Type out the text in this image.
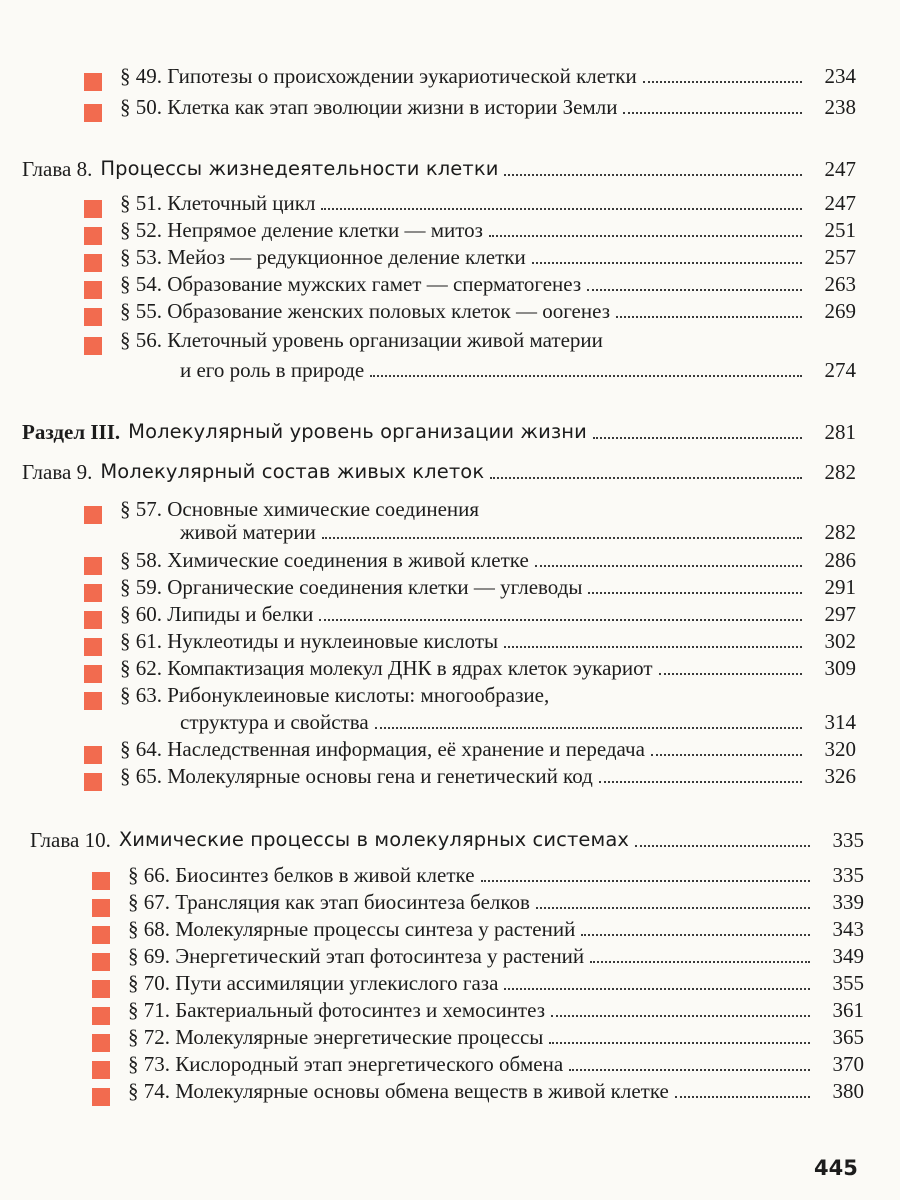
§ 49. Гипотезы о происхождении эукариотической клетки	234
§ 50. Клетка как этап эволюции жизни в истории Земли	238
Глава 8. Процессы жизнедеятельности клетки	247
§ 51. Клеточный цикл	247
§ 52. Непрямое деление клетки — митоз	251
§ 53. Мейоз — редукционное деление клетки	257
§ 54. Образование мужских гамет — сперматогенез	263
§ 55. Образование женских половых клеток — оогенез	269
§ 56. Клеточный уровень организации живой материи
и его роль в природе	274
Раздел III. Молекулярный уровень организации жизни	281
Глава 9. Молекулярный состав живых клеток	282
§ 57. Основные химические соединения
живой материи	282
§ 58. Химические соединения в живой клетке	286
§ 59. Органические соединения клетки — углеводы	291
§ 60. Липиды и белки	297
§ 61. Нуклеотиды и нуклеиновые кислоты	302
§ 62. Компактизация молекул ДНК в ядрах клеток эукариот	309
§ 63. Рибонуклеиновые кислоты: многообразие,
структура и свойства	314
§ 64. Наследственная информация, её хранение и передача	320
§ 65. Молекулярные основы гена и генетический код	326
Глава 10. Химические процессы в молекулярных системах	335
§ 66. Биосинтез белков в живой клетке	335
§ 67. Трансляция как этап биосинтеза белков	339
§ 68. Молекулярные процессы синтеза у растений	343
§ 69. Энергетический этап фотосинтеза у растений	349
§ 70. Пути ассимиляции углекислого газа	355
§ 71. Бактериальный фотосинтез и хемосинтез	361
§ 72. Молекулярные энергетические процессы	365
§ 73. Кислородный этап энергетического обмена	370
§ 74. Молекулярные основы обмена веществ в живой клетке	380
445
